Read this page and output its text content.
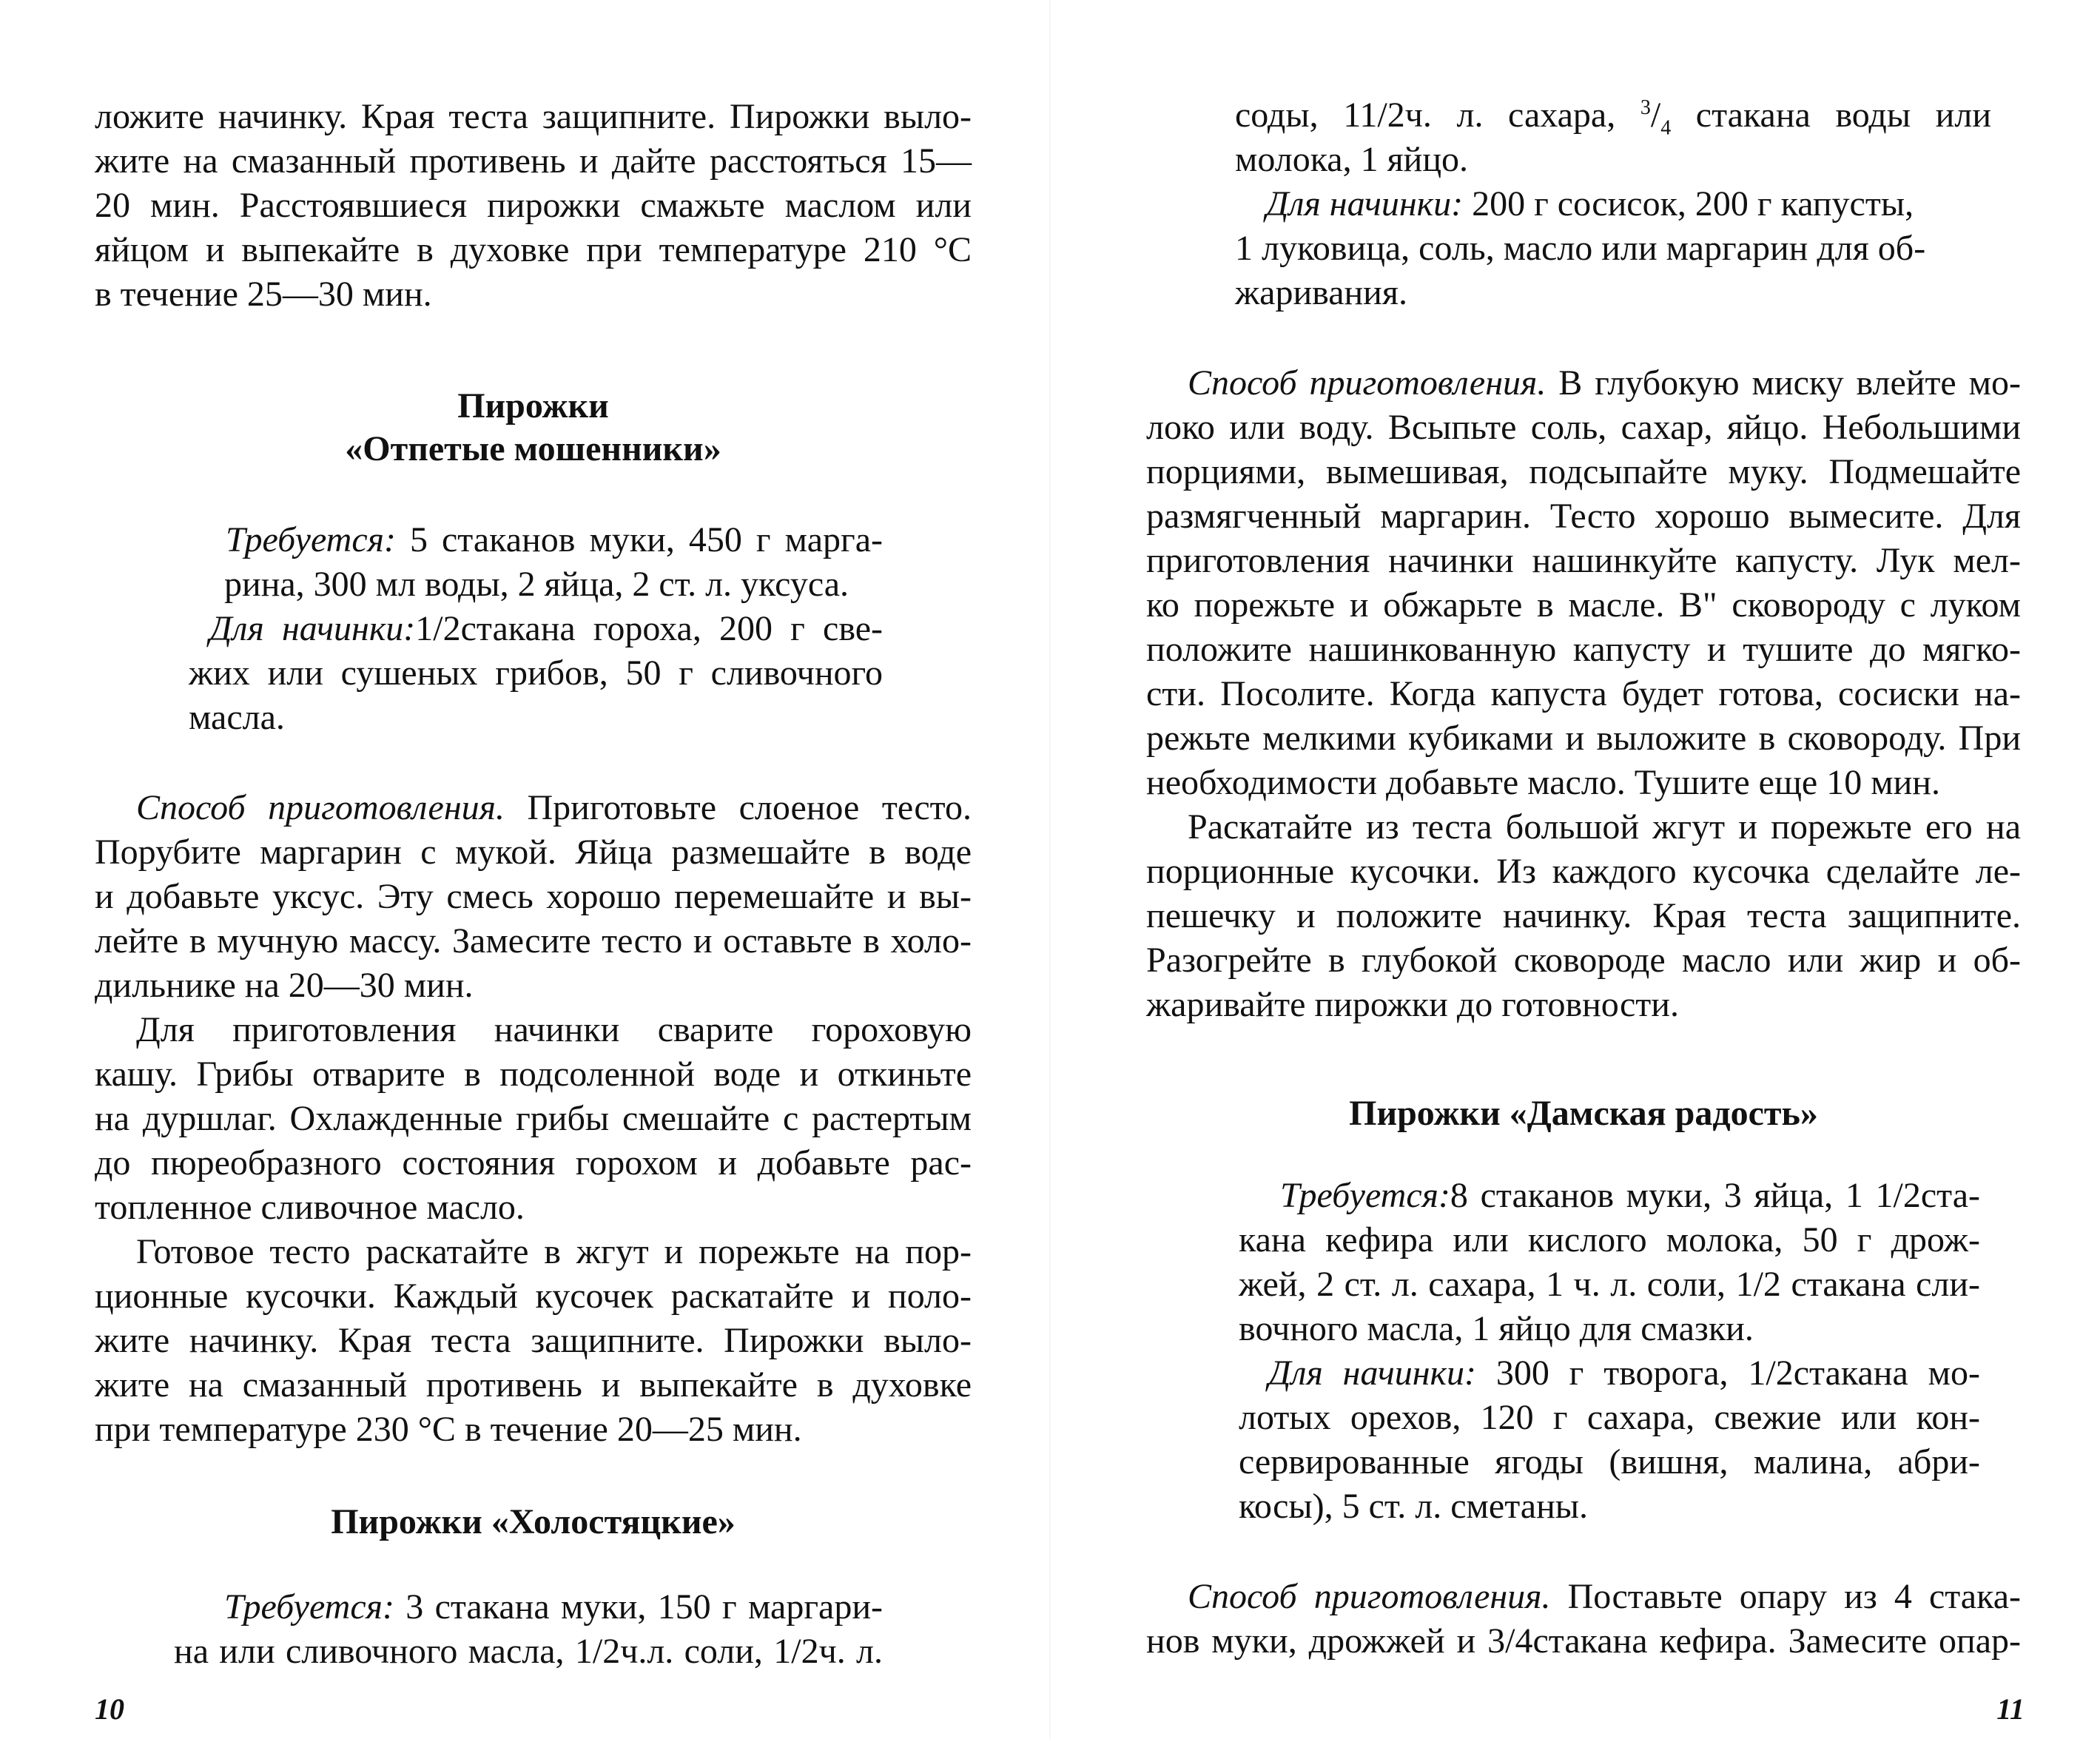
ложите начинку. Края теста защипните. Пирожки выло-
жите на смазанный противень и дайте расстояться 15—
20 мин. Расстоявшиеся пирожки смажьте маслом или
яйцом и выпекайте в духовке при температуре 210 °С
в течение 25—30 мин.

Пирожки
«Отпетые мошенники»
Требуется: 5 стаканов муки, 450 г марга-
рина, 300 мл воды, 2 яйца, 2 ст. л. уксуса.
Для начинки:1/2стакана гороха, 200 г све-
жих или сушеных грибов, 50 г сливочного
масла.

Способ приготовления. Приготовьте слоеное тесто.
Порубите маргарин с мукой. Яйца размешайте в воде
и добавьте уксус. Эту смесь хорошо перемешайте и вы-
лейте в мучную массу. Замесите тесто и оставьте в холо-
дильнике на 20—30 мин.

Для приготовления начинки сварите гороховую
кашу. Грибы отварите в подсоленной воде и откиньте
на дуршлаг. Охлажденные грибы смешайте с растертым
до пюреобразного состояния горохом и добавьте рас-
топленное сливочное масло.

Готовое тесто раскатайте в жгут и порежьте на пор-
ционные кусочки. Каждый кусочек раскатайте и поло-
жите начинку. Края теста защипните. Пирожки выло-
жите на смазанный противень и выпекайте в духовке
при температуре 230 °С в течение 20—25 мин.

Пирожки «Холостяцкие»
Требуется: 3 стакана муки, 150 г маргари-
на или сливочного масла, 1/2ч.л. соли, 1/2ч. л.
10
соды, 11/2ч. л. сахара, $^3/_4$ стакана воды или
молока, 1 яйцо.
Для начинки: 200 г сосисок, 200 г капусты,
1 луковица, соль, масло или маргарин для об-
жаривания.

Способ приготовления. В глубокую миску влейте мо-
локо или воду. Всыпьте соль, сахар, яйцо. Небольшими
порциями, вымешивая, подсыпайте муку. Подмешайте
размягченный маргарин. Тесто хорошо вымесите. Для
приготовления начинки нашинкуйте капусту. Лук мел-
ко порежьте и обжарьте в масле. В" сковороду с луком
положите нашинкованную капусту и тушите до мягко-
сти. Посолите. Когда капуста будет готова, сосиски на-
режьте мелкими кубиками и выложите в сковороду. При
необходимости добавьте масло. Тушите еще 10 мин.

Раскатайте из теста большой жгут и порежьте его на
порционные кусочки. Из каждого кусочка сделайте ле-
пешечку и положите начинку. Края теста защипните.
Разогрейте в глубокой сковороде масло или жир и об-
жаривайте пирожки до готовности.

Пирожки «Дамская радость»
Требуется:8 стаканов муки, 3 яйца, 1 1/2ста-
кана кефира или кислого молока, 50 г дрож-
жей, 2 ст. л. сахара, 1 ч. л. соли, 1/2 стакана сли-
вочного масла, 1 яйцо для смазки.
Для начинки: 300 г творога, 1/2стакана мо-
лотых орехов, 120 г сахара, свежие или кон-
сервированные ягоды (вишня, малина, абри-
косы), 5 ст. л. сметаны.

Способ приготовления. Поставьте опару из 4 стака-
нов муки, дрожжей и 3/4стакана кефира. Замесите опар-

11
